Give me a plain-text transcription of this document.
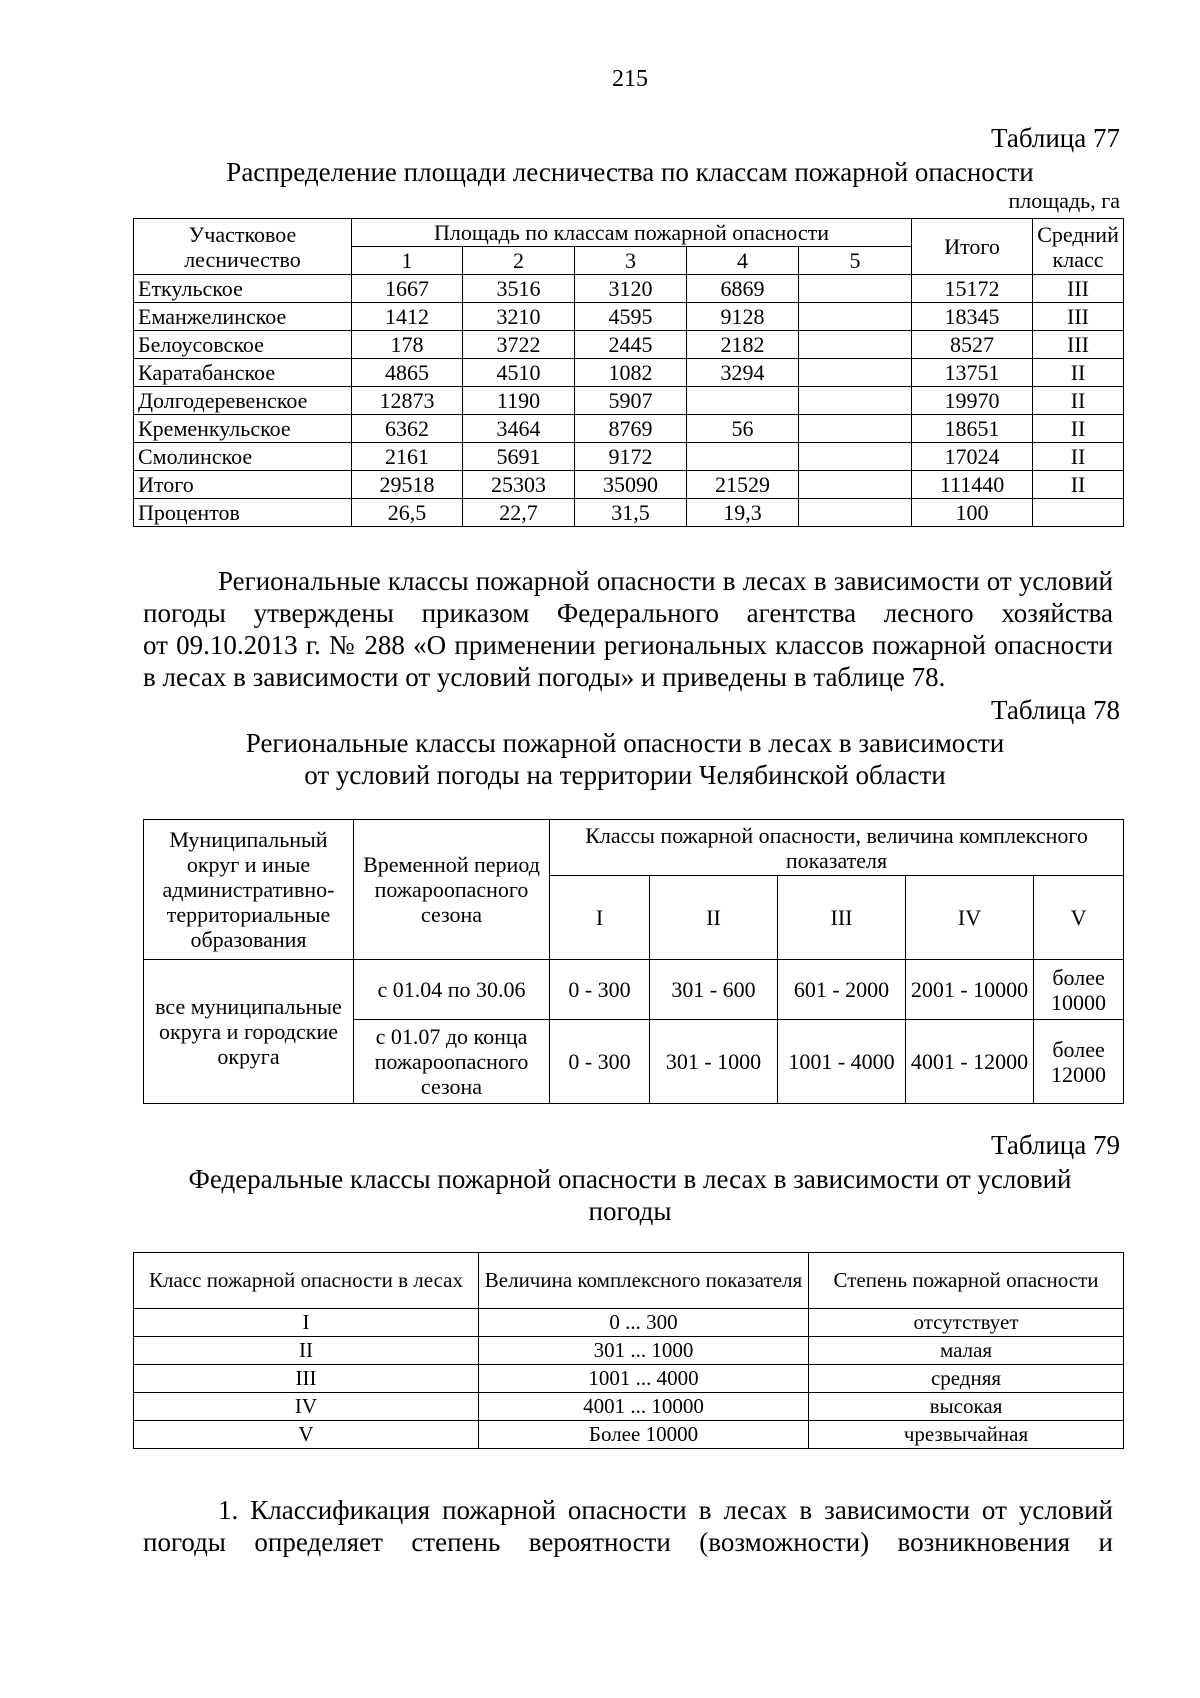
215
Таблица 77
Распределение площади лесничества по классам пожарной опасности
площадь, га
Участковое лесничество	Площадь по классам пожарной опасности					Итого	Средний класс
	1	2	3	4	5		
Еткульское	1667	3516	3120	6869		15172	III
Еманжелинское	1412	3210	4595	9128		18345	III
Белоусовское	178	3722	2445	2182		8527	III
Каратабанское	4865	4510	1082	3294		13751	II
Долгодеревенское	12873	1190	5907			19970	II
Кременкульское	6362	3464	8769	56		18651	II
Смолинское	2161	5691	9172			17024	II
Итого	29518	25303	35090	21529		111440	II
Процентов	26,5	22,7	31,5	19,3		100	
Региональные классы пожарной опасности в лесах в зависимости от условий
погоды утверждены приказом Федерального агентства лесного хозяйства
от 09.10.2013 г. № 288 «О применении региональных классов пожарной опасности
в лесах в зависимости от условий погоды» и приведены в таблице 78.
Таблица 78
Региональные классы пожарной опасности в лесах в зависимости
от условий погоды на территории Челябинской области
Муниципальный округ и иные административно-территориальные образования	Временной период пожароопасного сезона	Классы пожарной опасности, величина комплексного показателя				
		I	II	III	IV	V
все муниципальные округа и городские округа	с 01.04 по 30.06	0 - 300	301 - 600	601 - 2000	2001 - 10000	более 10000
	с 01.07 до конца пожароопасного сезона	0 - 300	301 - 1000	1001 - 4000	4001 - 12000	более 12000
Таблица 79
Федеральные классы пожарной опасности в лесах в зависимости от условий
погоды
Класс пожарной опасности в лесах	Величина комплексного показателя	Степень пожарной опасности
I	0 ... 300	отсутствует
II	301 ... 1000	малая
III	1001 ... 4000	средняя
IV	4001 ... 10000	высокая
V	Более 10000	чрезвычайная
1. Классификация пожарной опасности в лесах в зависимости от условий
погоды определяет степень вероятности (возможности) возникновения и
